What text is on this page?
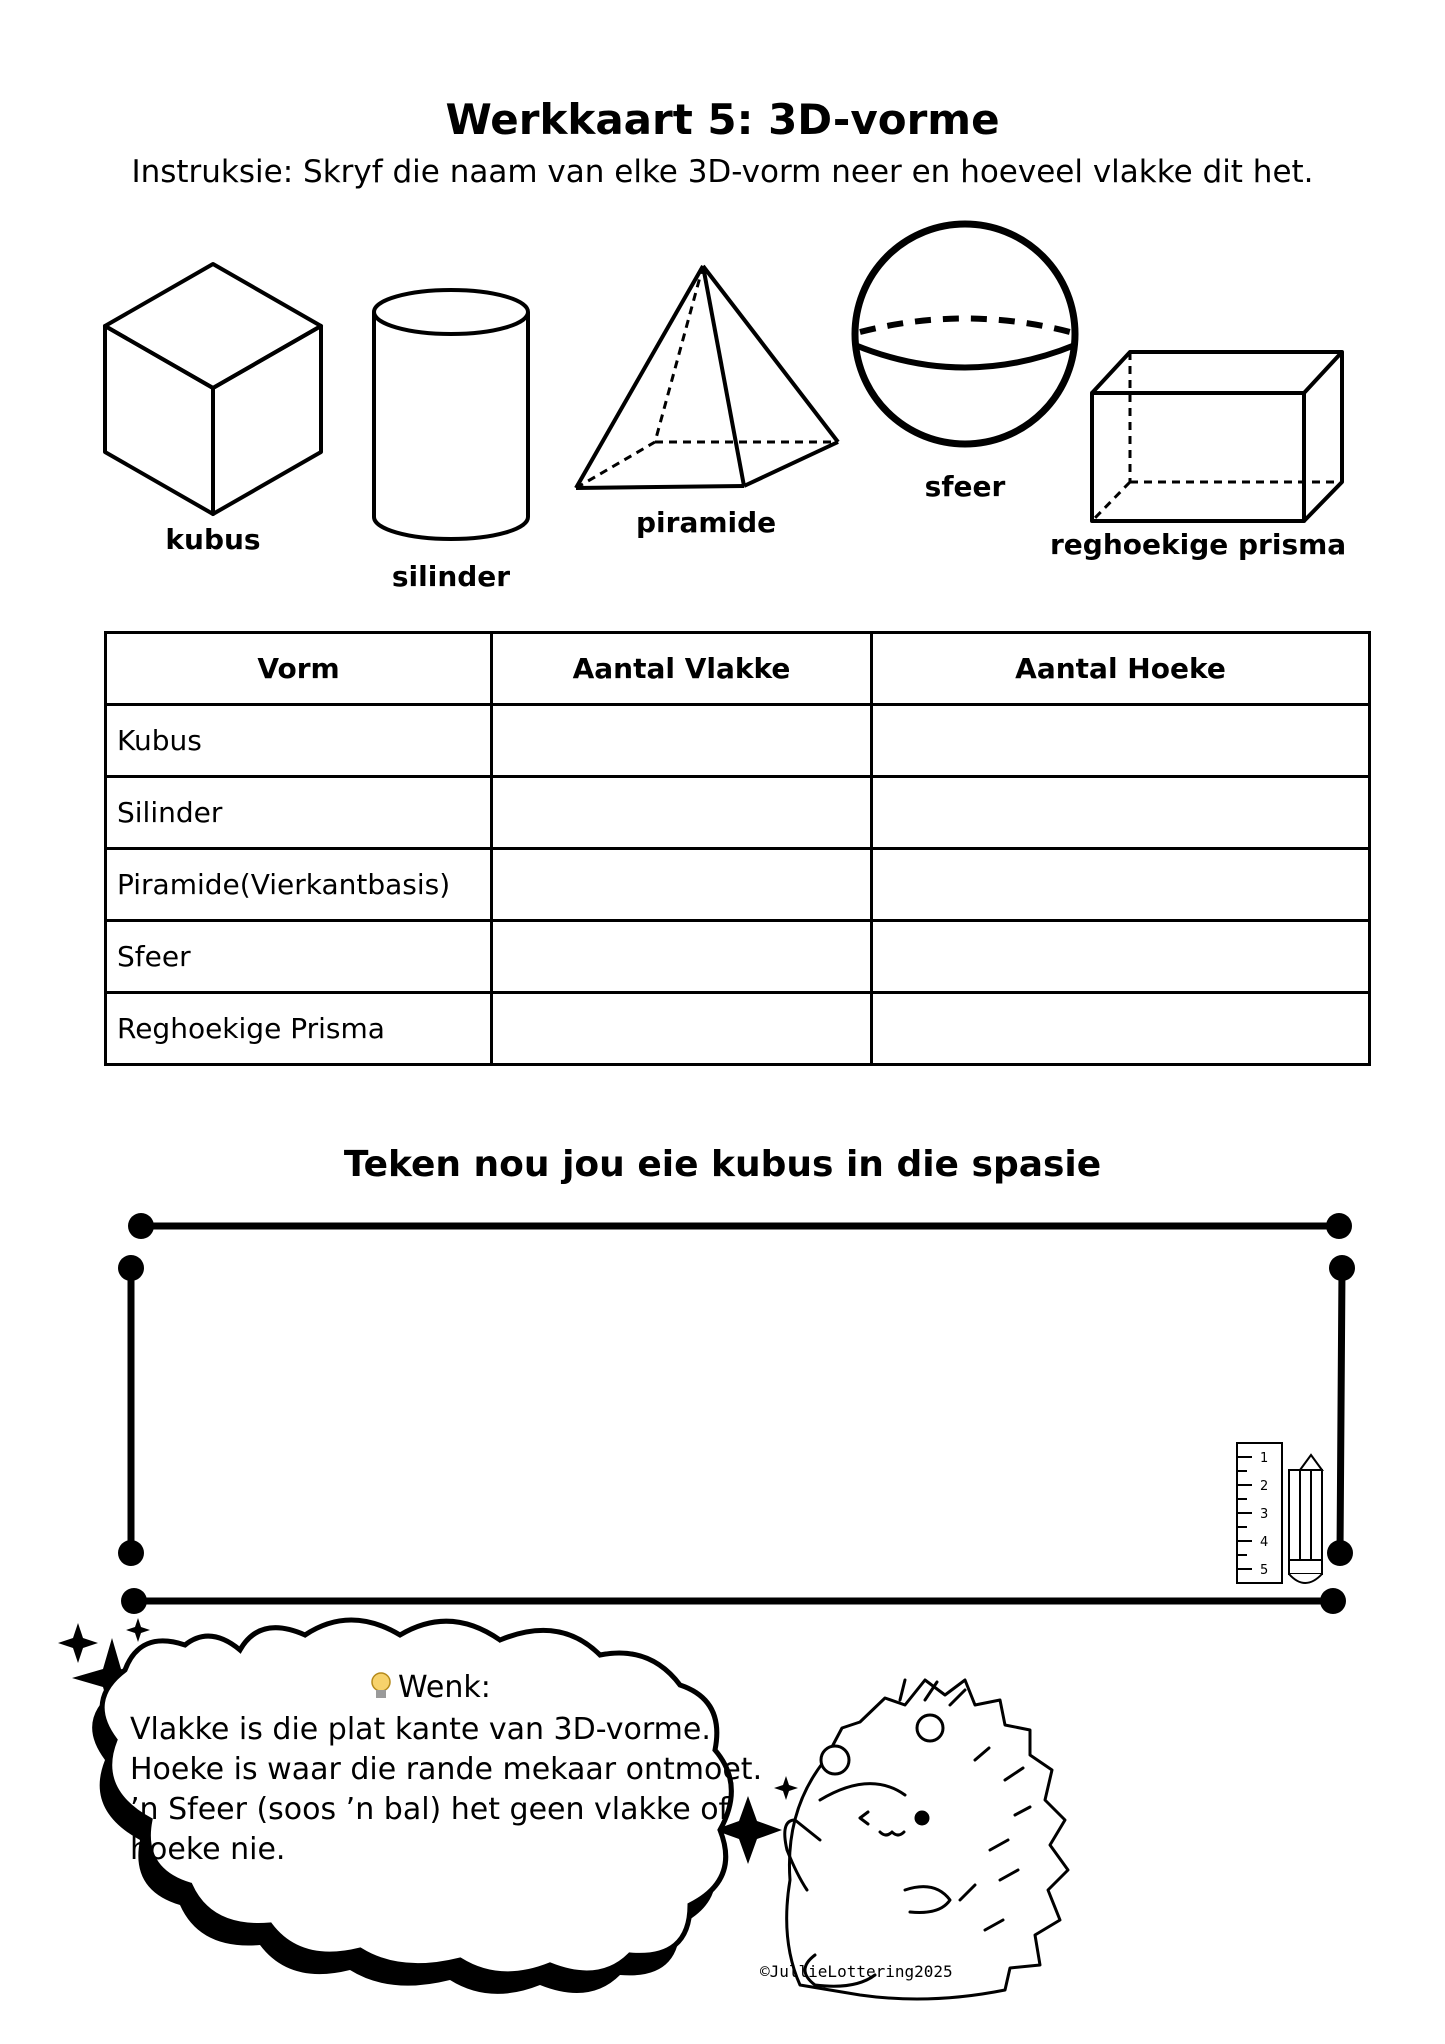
Werkkaart 5: 3D-vorme
Instruksie: Skryf die naam van elke 3D-vorm neer en hoeveel vlakke dit het.
1
2
3
4
5
kubus
silinder
piramide
sfeer
reghoekige prisma
Vorm	Aantal Vlakke	Aantal Hoeke
Kubus		
Silinder		
Piramide(Vierkantbasis)		
Sfeer		
Reghoekige Prisma		
Teken nou jou eie kubus in die spasie
Wenk:
Vlakke is die plat kante van 3D-vorme.
Hoeke is waar die rande mekaar ontmoet.
’n Sfeer (soos ’n bal) het geen vlakke of
hoeke nie.
©JullieLottering2025
